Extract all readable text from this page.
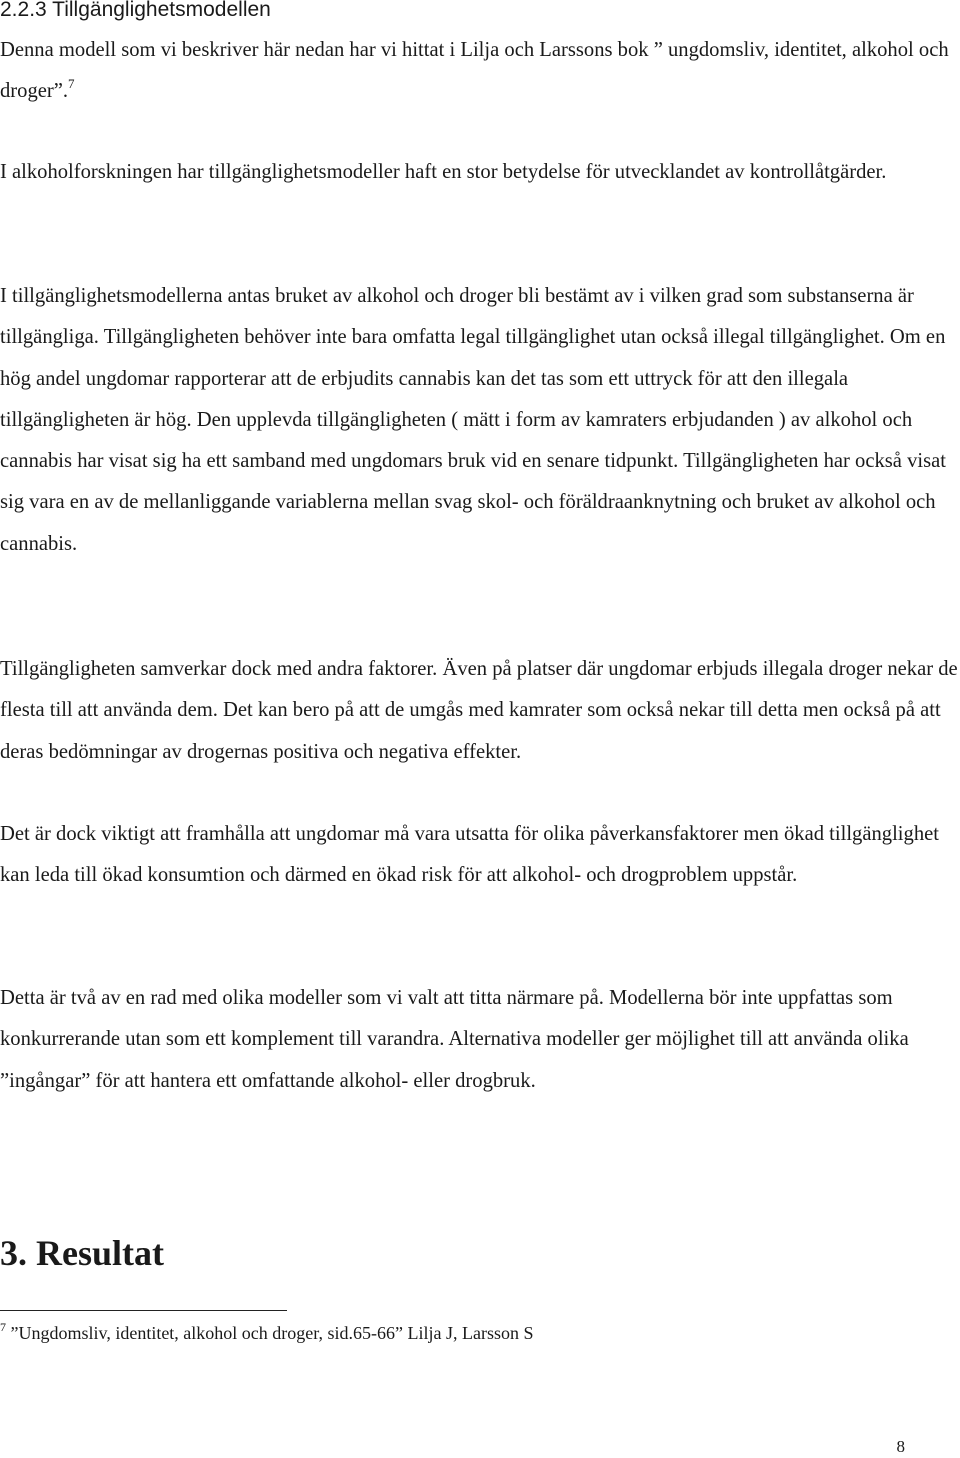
2.2.3 Tillgänglighetsmodellen

Denna modell som vi beskriver här nedan har vi hittat i Lilja och Larssons bok ” ungdomsliv, identitet, alkohol och droger”.$^7$

I alkoholforskningen har tillgänglighetsmodeller haft en stor betydelse för utvecklandet av kontrollåtgärder.

I tillgänglighetsmodellerna antas bruket av alkohol och droger bli bestämt av i vilken grad som substanserna är tillgängliga. Tillgängligheten behöver inte bara omfatta legal tillgänglighet utan också illegal tillgänglighet. Om en hög andel ungdomar rapporterar att de erbjudits cannabis kan det tas som ett uttryck för att den illegala tillgängligheten är hög. Den upplevda tillgängligheten ( mätt i form av kamraters erbjudanden ) av alkohol och cannabis har visat sig ha ett samband med ungdomars bruk vid en senare tidpunkt. Tillgängligheten har också visat sig vara en av de mellanliggande variablerna mellan svag skol- och föräldraanknytning och bruket av alkohol och cannabis.

Tillgängligheten samverkar dock med andra faktorer. Även på platser där ungdomar erbjuds illegala droger nekar de flesta till att använda dem. Det kan bero på att de umgås med kamrater som också nekar till detta men också på att deras bedömningar av drogernas positiva och negativa effekter.

Det är dock viktigt att framhålla att ungdomar må vara utsatta för olika påverkansfaktorer men ökad tillgänglighet kan leda till ökad konsumtion och därmed en ökad risk för att alkohol- och drogproblem uppstår.

Detta är två av en rad med olika modeller som vi valt att titta närmare på. Modellerna bör inte uppfattas som konkurrerande utan som ett komplement till varandra. Alternativa modeller ger möjlighet till att använda olika ”ingångar” för att hantera ett omfattande alkohol- eller drogbruk.

3. Resultat

$^7$ ”Ungdomsliv, identitet, alkohol och droger, sid.65-66” Lilja J, Larsson S

8
